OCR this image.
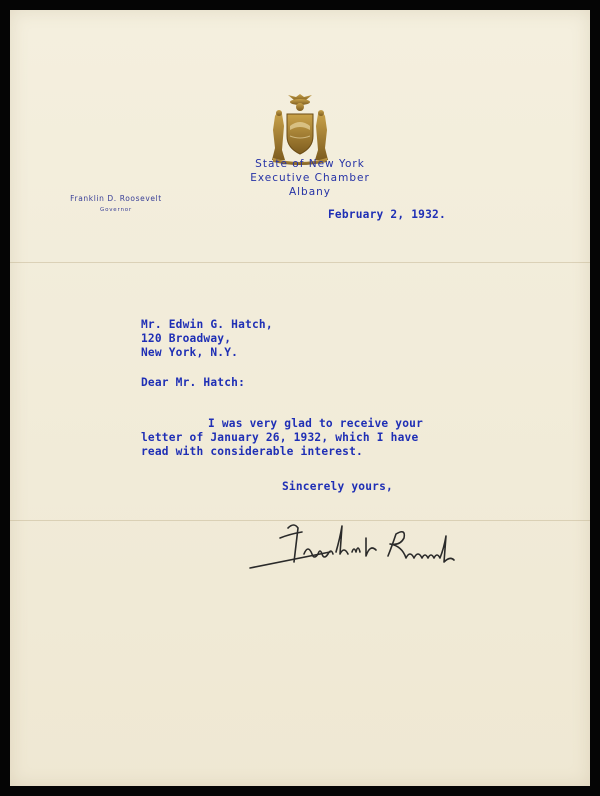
State of New York
Executive Chamber
Albany
Franklin D. Roosevelt
Governor	February 2, 1932.
Mr. Edwin G. Hatch,
120 Broadway,
New York, N.Y.
Dear Mr. Hatch:
I was very glad to receive your
letter of January 26, 1932, which I have
read with considerable interest.
Sincerely yours,
